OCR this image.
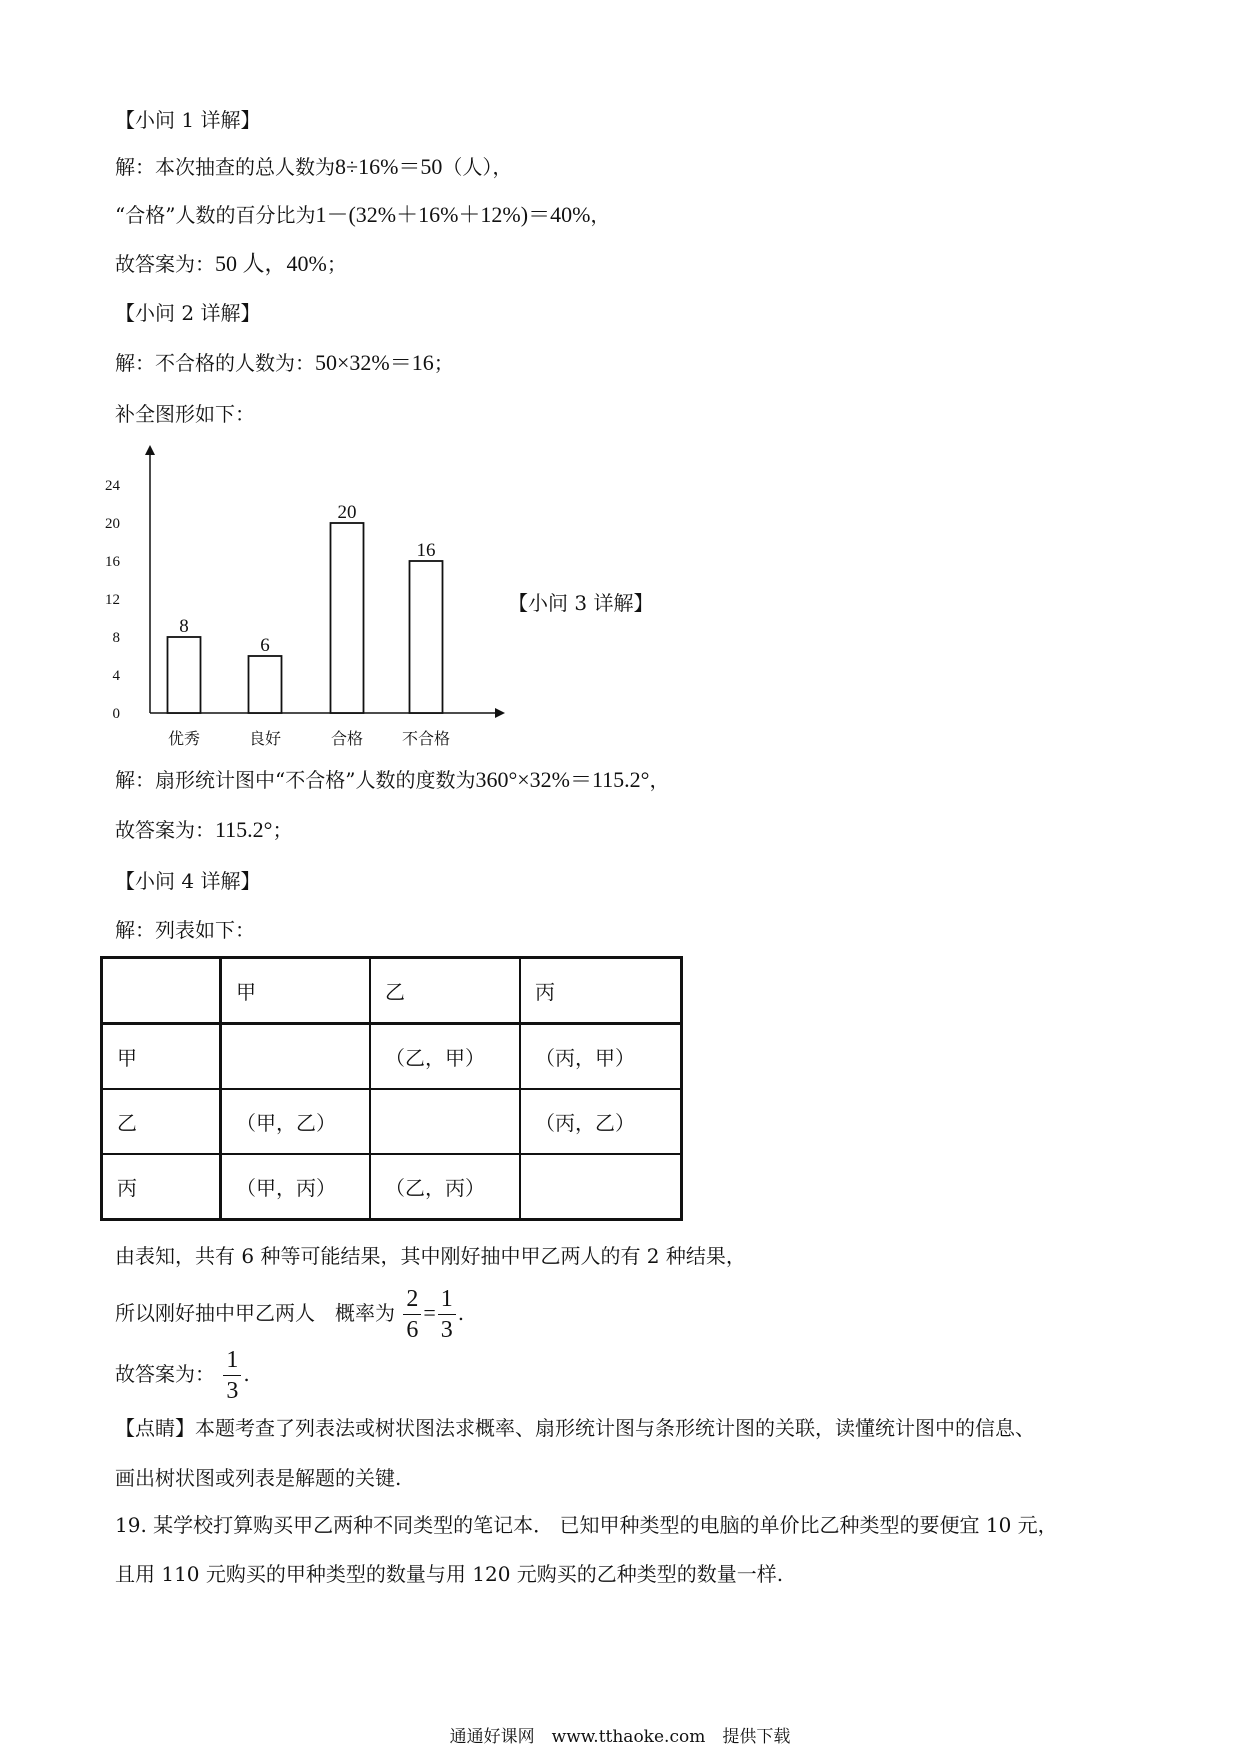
【小问 1 详解】
解：本次抽查的总人数为8÷16%＝50（人），
“合格”人数的百分比为1－(32%＋16%＋12%)＝40%，
故答案为：50 人，40%；
【小问 2 详解】
解：不合格的人数为：50×32%＝16；
补全图形如下：
0
4
8
12
16
20
24
8
6
20
16
优秀	良好	合格 不合格
【小问 3 详解】
解：扇形统计图中“不合格”人数的度数为360°×32%＝115.2°，
故答案为：115.2°；
【小问 4 详解】
解：列表如下：
	甲	乙	丙
甲		（乙，甲）	（丙，甲）
乙	（甲，乙）		（丙，乙）
丙	（甲，丙）	（乙，丙）	
由表知，共有 6 种等可能结果，其中刚好抽中甲乙两人的有 2 种结果，
所以刚好抽中甲乙两人　概率为 $\frac{2}{6} = \frac{1}{3}$ .
故答案为： $\frac{1}{3}$ .
【点睛】本题考查了列表法或树状图法求概率、扇形统计图与条形统计图的关联，读懂统计图中的信息、
画出树状图或列表是解题的关键.
19. 某学校打算购买甲乙两种不同类型的笔记本． 已知甲种类型的电脑的单价比乙种类型的要便宜 10 元，
且用 110 元购买的甲种类型的数量与用 120 元购买的乙种类型的数量一样.
通通好课网　www.tthaoke.com　提供下载
